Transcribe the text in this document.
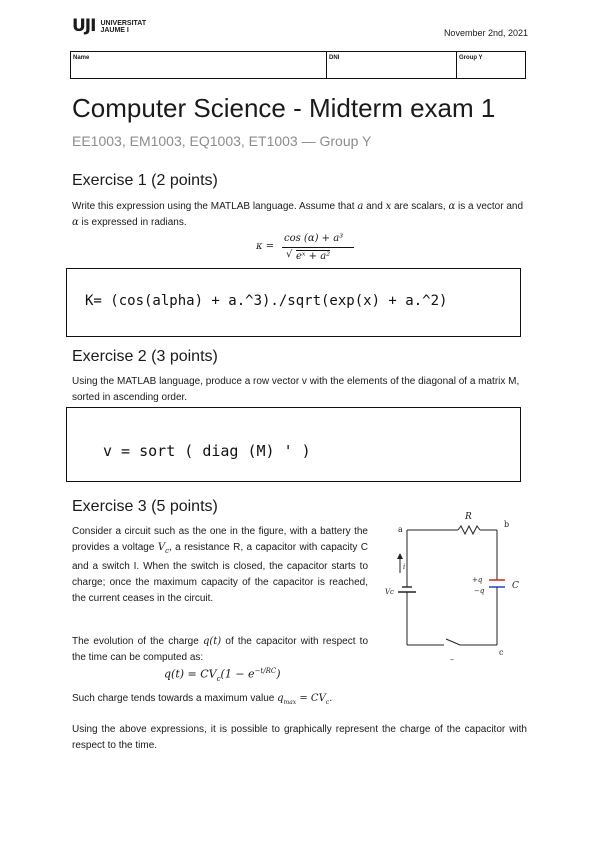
UJI UNIVERSITAT
JAUME I	November 2nd, 2021
Name	DNI	Group Y
Computer Science - Midterm exam 1
EE1003, EM1003, EQ1003, ET1003 — Group Y
Exercise 1 (2 points)
Write this expression using the MATLAB language. Assume that a and x are scalars, α is a vector and α is expressed in radians.
κ =
cos (α) + a³
√ eˣ + a²
K= (cos(alpha) + a.^3)./sqrt(exp(x) + a.^2)
Exercise 2 (3 points)
Using the MATLAB language, produce a row vector v with the elements of the diagonal of a matrix M, sorted in ascending order.
v = sort ( diag (M) ' )
Exercise 3 (5 points)
Consider a circuit such as the one in the figure, with a battery the provides a voltage $V_c$, a resistance R, a capacitor with capacity C and a switch I. When the switch is closed, the capacitor starts to charge; once the maximum capacity of the capacitor is reached, the current ceases in the circuit.
The evolution of the charge q(t) of the capacitor with respect to the time can be computed as:
$q(t) = CV_c(1 - e^{-t/RC})$
Such charge tends towards a maximum value $q_{max} = CV_c$.
Using the above expressions, it is possible to graphically represent the charge of the capacitor with respect to the time.
R
a
b
c
–
i
Vc
+q
−q	C
